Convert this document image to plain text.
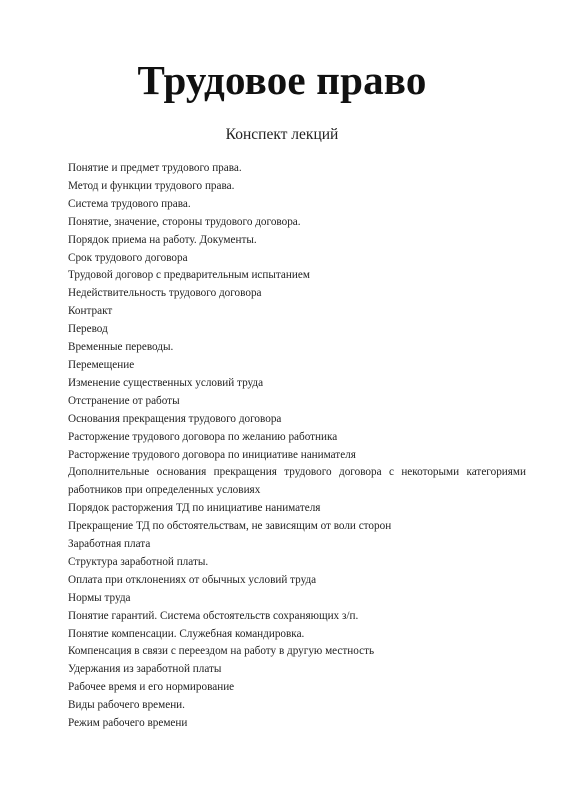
Трудовое право
Конспект лекций
Понятие и предмет трудового права.
Метод и функции трудового права.
Система трудового права.
Понятие, значение, стороны трудового договора.
Порядок приема на работу. Документы.
Срок трудового договора
Трудовой договор с предварительным испытанием
Недействительность трудового договора
Контракт
Перевод
Временные переводы.
Перемещение
Изменение существенных условий труда
Отстранение от работы
Основания прекращения трудового договора
Расторжение трудового договора по желанию работника
Расторжение трудового договора по инициативе нанимателя
Дополнительные основания прекращения трудового договора с некоторыми категориями работников при определенных условиях
Порядок расторжения ТД по инициативе нанимателя
Прекращение ТД по обстоятельствам, не зависящим от воли сторон
Заработная плата
Структура заработной платы.
Оплата при отклонениях от обычных условий труда
Нормы труда
Понятие гарантий. Система обстоятельств сохраняющих з/п.
Понятие компенсации. Служебная командировка.
Компенсация в связи с переездом на работу в другую местность
Удержания из заработной платы
Рабочее время и его нормирование
Виды рабочего времени.
Режим рабочего времени
